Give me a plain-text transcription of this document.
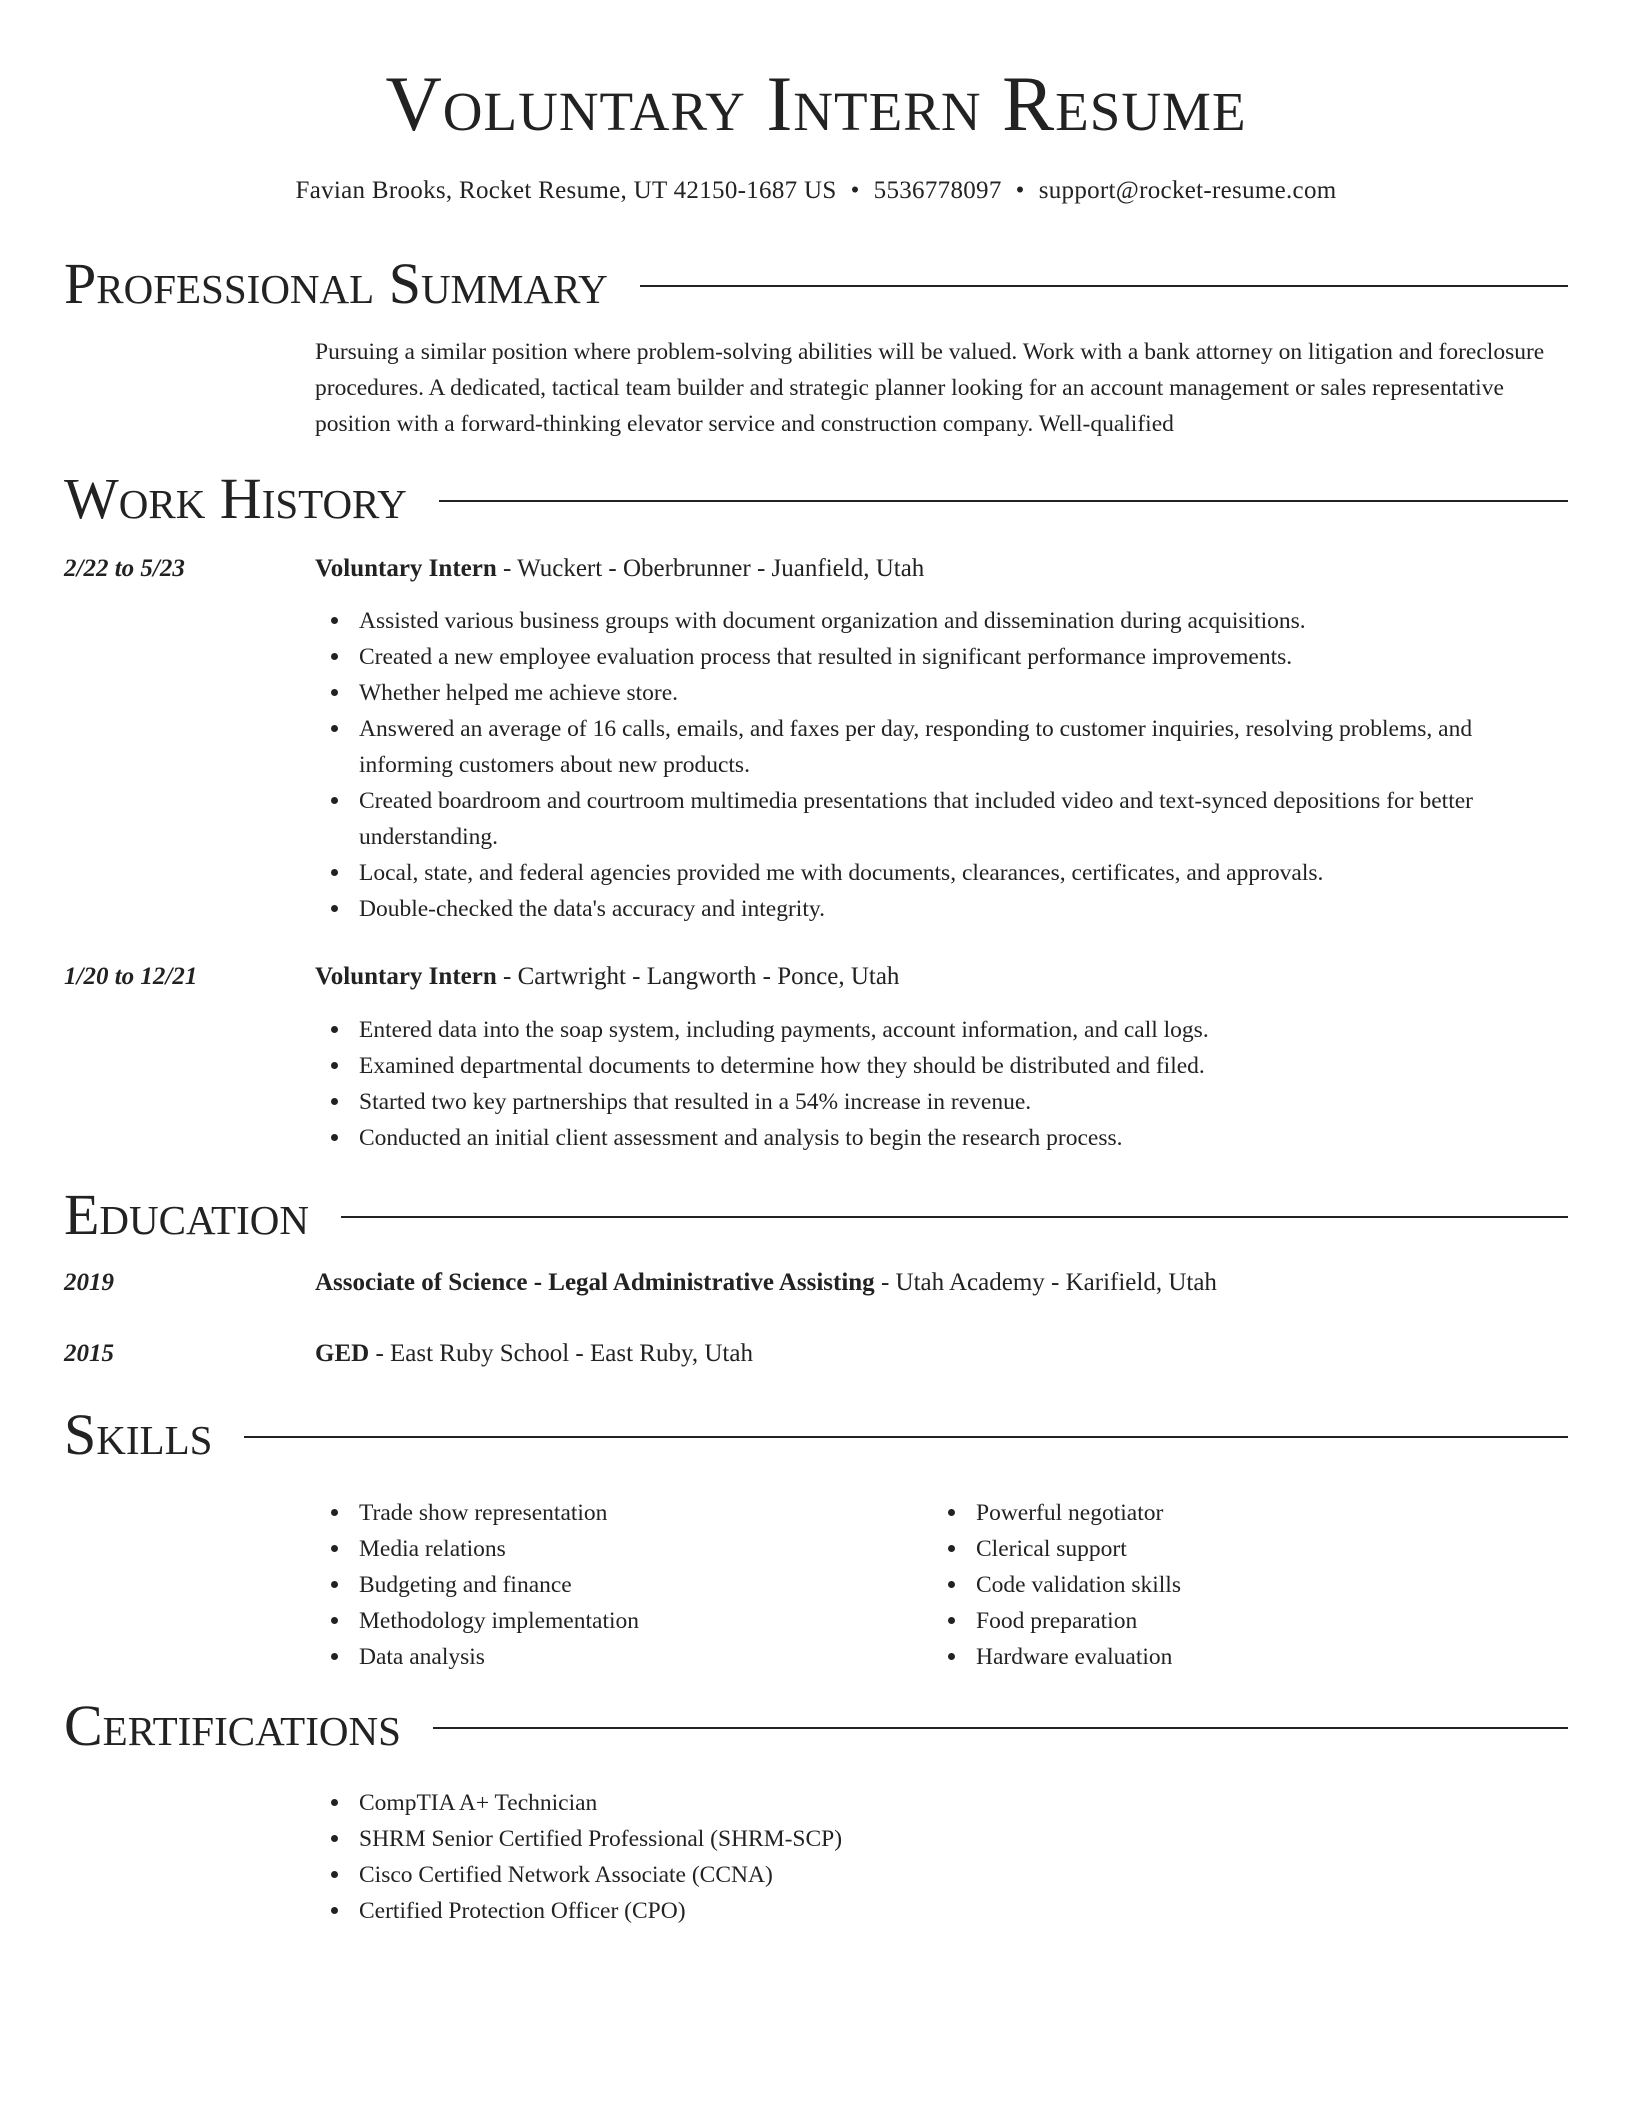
Voluntary Intern Resume
Favian Brooks, Rocket Resume, UT 42150-1687 US • 5536778097 • support@rocket-resume.com
Professional Summary

Pursuing a similar position where problem-solving abilities will be valued. Work with a bank attorney on litigation and foreclosure procedures. A dedicated, tactical team builder and strategic planner looking for an account management or sales representative position with a forward-thinking elevator service and construction company. Well-qualified

Work History
2/22 to 5/23	Voluntary Intern - Wuckert - Oberbrunner - Juanfield, Utah
Assisted various business groups with document organization and dissemination during acquisitions.
Created a new employee evaluation process that resulted in significant performance improvements.
Whether helped me achieve store.
Answered an average of 16 calls, emails, and faxes per day, responding to customer inquiries, resolving problems, and informing customers about new products.
Created boardroom and courtroom multimedia presentations that included video and text-synced depositions for better understanding.
Local, state, and federal agencies provided me with documents, clearances, certificates, and approvals.
Double-checked the data's accuracy and integrity.
1/20 to 12/21	Voluntary Intern - Cartwright - Langworth - Ponce, Utah
Entered data into the soap system, including payments, account information, and call logs.
Examined departmental documents to determine how they should be distributed and filed.
Started two key partnerships that resulted in a 54% increase in revenue.
Conducted an initial client assessment and analysis to begin the research process.
Education
2019	Associate of Science - Legal Administrative Assisting - Utah Academy - Karifield, Utah
2015	GED - East Ruby School - East Ruby, Utah
Skills
Trade show representation
Media relations
Budgeting and finance
Methodology implementation
Data analysis
Powerful negotiator
Clerical support
Code validation skills
Food preparation
Hardware evaluation
Certifications
CompTIA A+ Technician
SHRM Senior Certified Professional (SHRM-SCP)
Cisco Certified Network Associate (CCNA)
Certified Protection Officer (CPO)
